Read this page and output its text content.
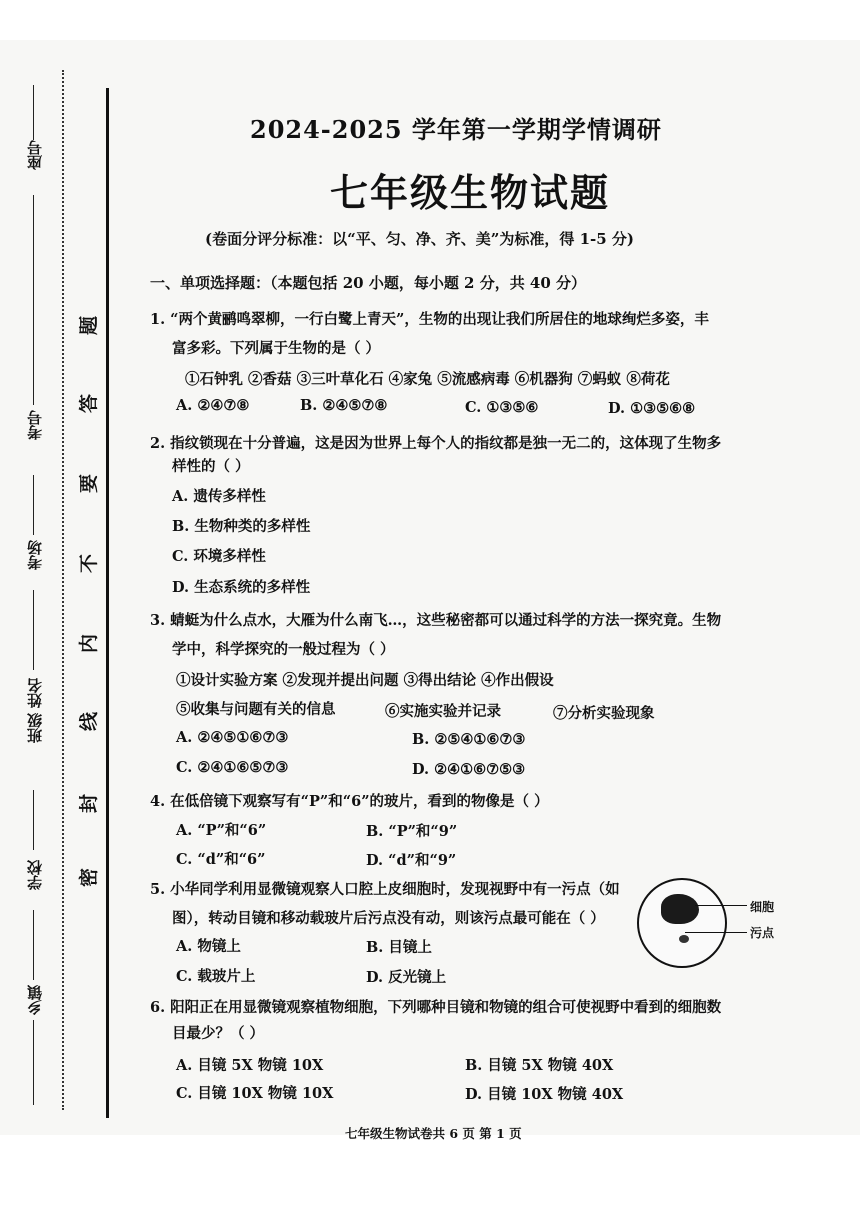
座号
考号
考场
班级 姓名
学校
乡镇
题
答
要
不
内
线
封
密
2024-2025 学年第一学期学情调研
七年级生物试题
(卷面分评分标准：以“平、匀、净、齐、美”为标准，得 1-5 分)
一、单项选择题：（本题包括 20 小题，每小题 2 分，共 40 分）
1. “两个黄鹂鸣翠柳，一行白鹭上青天”，生物的出现让我们所居住的地球绚烂多姿，丰
富多彩。下列属于生物的是（ ）
①石钟乳 ②香菇 ③三叶草化石 ④家兔 ⑤流感病毒 ⑥机器狗 ⑦蚂蚁 ⑧荷花
A. ②④⑦⑧	B. ②④⑤⑦⑧	C. ①③⑤⑥	D. ①③⑤⑥⑧
2. 指纹锁现在十分普遍，这是因为世界上每个人的指纹都是独一无二的，这体现了生物多
样性的（ ）
A. 遗传多样性
B. 生物种类的多样性
C. 环境多样性
D. 生态系统的多样性
3. 蜻蜓为什么点水，大雁为什么南飞…，这些秘密都可以通过科学的方法一探究竟。生物
学中，科学探究的一般过程为（ ）
①设计实验方案 ②发现并提出问题 ③得出结论 ④作出假设
⑤收集与问题有关的信息	⑥实施实验并记录	⑦分析实验现象
A. ②④⑤①⑥⑦③	B. ②⑤④①⑥⑦③
C. ②④①⑥⑤⑦③	D. ②④①⑥⑦⑤③
4. 在低倍镜下观察写有“P”和“6”的玻片，看到的物像是（ ）
A. “P”和“6”	B. “P”和“9”
C. “d”和“6”	D. “d”和“9”
5. 小华同学利用显微镜观察人口腔上皮细胞时，发现视野中有一污点（如
图），转动目镜和移动载玻片后污点没有动，则该污点最可能在（ ）
A. 物镜上	B. 目镜上
C. 载玻片上	D. 反光镜上
细胞
污点
6. 阳阳正在用显微镜观察植物细胞，下列哪种目镜和物镜的组合可使视野中看到的细胞数
目最少？（ ）
A. 目镜 5X 物镜 10X	B. 目镜 5X 物镜 40X
C. 目镜 10X 物镜 10X	D. 目镜 10X 物镜 40X
七年级生物试卷共 6 页 第 1 页
